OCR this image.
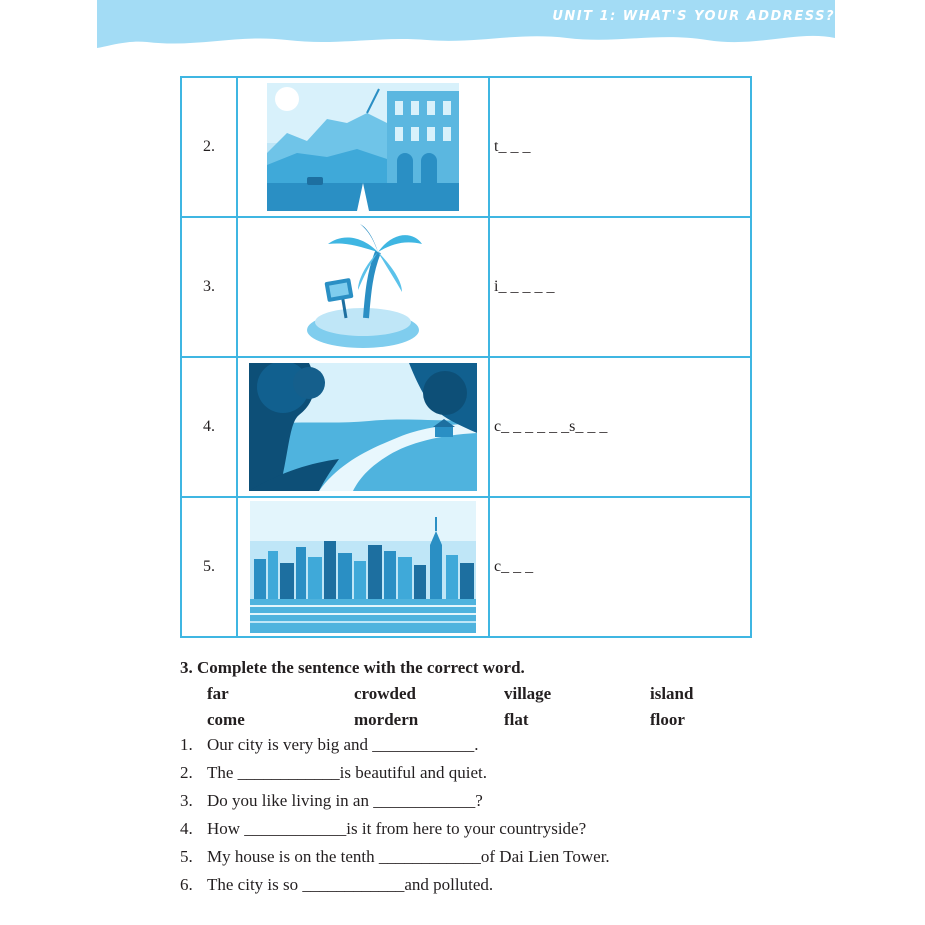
UNIT 1: WHAT'S YOUR ADDRESS?
2.		t_ _ _
3.		i_ _ _ _ _
4.		c_ _ _ _ _ _s_ _ _
5.		c_ _ _
3. Complete the sentence with the correct word.
far	crowded	village	island
come	mordern	flat	floor
1. Our city is very big and ____________.
2. The ____________is beautiful and quiet.
3. Do you like living in an ____________?
4. How ____________is it from here to your countryside?
5. My house is on the tenth ____________of Dai Lien Tower.
6. The city is so ____________and polluted.
